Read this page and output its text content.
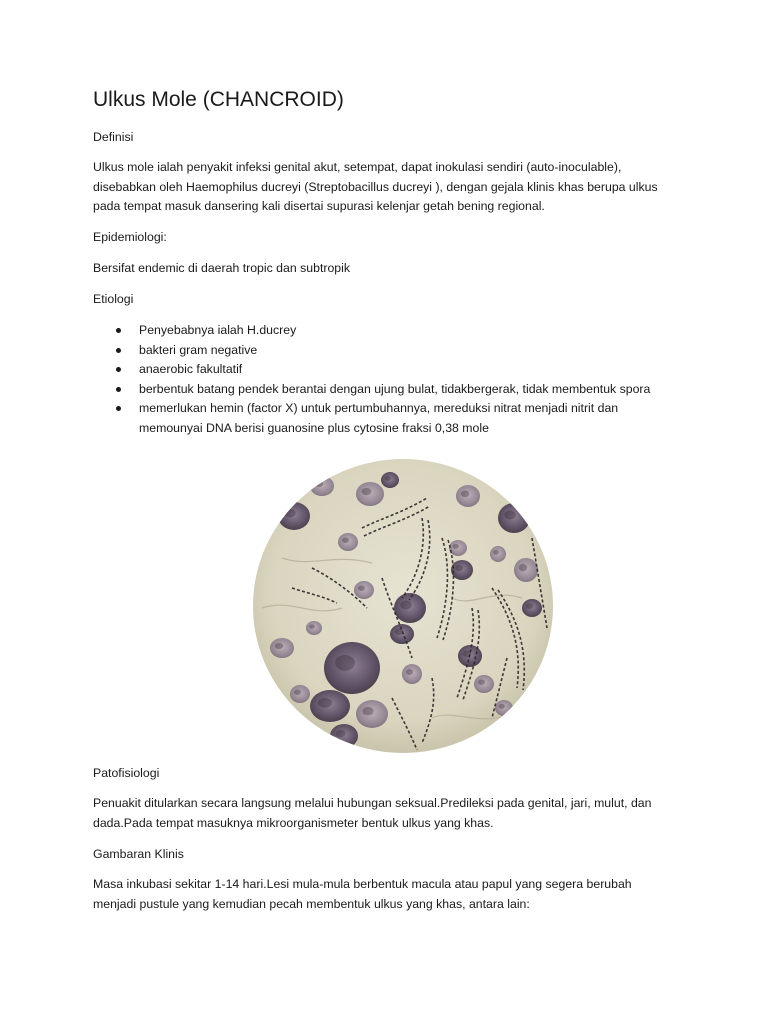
Ulkus Mole (CHANCROID)

Definisi

Ulkus mole ialah penyakit infeksi genital akut, setempat, dapat inokulasi sendiri (auto-inoculable), disebabkan oleh Haemophilus ducreyi (Streptobacillus ducreyi ), dengan gejala klinis khas berupa ulkus pada tempat masuk dansering kali disertai supurasi kelenjar getah bening regional.

Epidemiologi:

Bersifat endemic di daerah tropic dan subtropik

Etiologi

Penyebabnya ialah H.ducrey
bakteri gram negative
anaerobic fakultatif
berbentuk batang pendek berantai dengan ujung bulat, tidakbergerak, tidak membentuk spora
memerlukan hemin (factor X) untuk pertumbuhannya, mereduksi nitrat menjadi nitrit dan memounyai DNA berisi guanosine plus cytosine fraksi 0,38 mole

Patofisiologi

Penuakit ditularkan secara langsung melalui hubungan seksual.Predileksi pada genital, jari, mulut, dan dada.Pada tempat masuknya mikroorganismeter bentuk ulkus yang khas.

Gambaran Klinis

Masa inkubasi sekitar 1-14 hari.Lesi mula-mula berbentuk macula atau papul yang segera berubah menjadi pustule yang kemudian pecah membentuk ulkus yang khas, antara lain:
